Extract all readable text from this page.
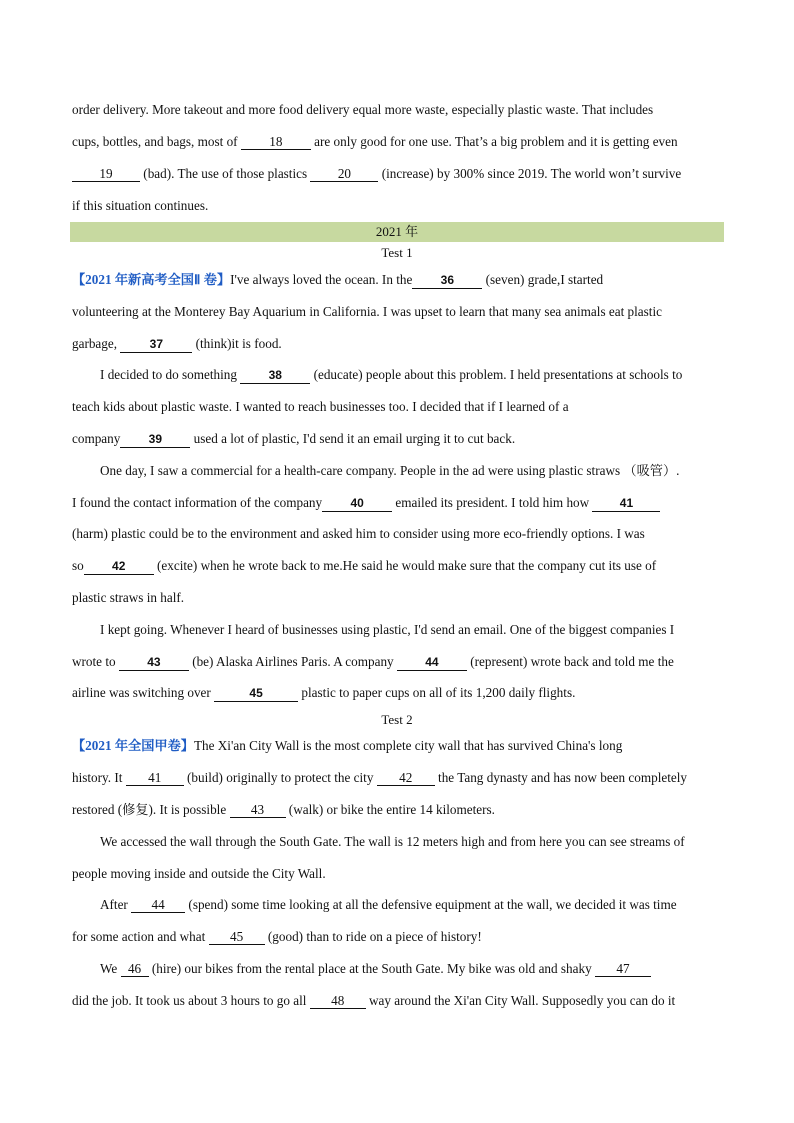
order delivery. More takeout and more food delivery equal more waste, especially plastic waste. That includes
cups, bottles, and bags, most of 18 are only good for one use. That’s a big problem and it is getting even
19 (bad). The use of those plastics 20 (increase) by 300% since 2019. The world won’t survive
if this situation continues.
2021 年
Test 1
【2021 年新高考全国Ⅱ 卷】I've always loved the ocean. In the 36 (seven) grade,I started
volunteering at the Monterey Bay Aquarium in California. I was upset to learn that many sea animals eat plastic
garbage, 37 (think)it is food.
I decided to do something 38 (educate) people about this problem. I held presentations at schools to
teach kids about plastic waste. I wanted to reach businesses too. I decided that if I learned of a
company 39 used a lot of plastic, I'd send it an email urging it to cut back.
One day, I saw a commercial for a health-care company. People in the ad were using plastic straws （吸管）.
I found the contact information of the company 40 emailed its president. I told him how 41
(harm) plastic could be to the environment and asked him to consider using more eco-friendly options. I was
so 42 (excite) when he wrote back to me.He said he would make sure that the company cut its use of
plastic straws in half.
I kept going. Whenever I heard of businesses using plastic, I'd send an email. One of the biggest companies I
wrote to 43 (be) Alaska Airlines Paris. A company 44 (represent) wrote back and told me the
airline was switching over	45	plastic to paper cups on all of its 1,200 daily flights.
Test 2
【2021 年全国甲卷】The Xi'an City Wall is the most complete city wall that has survived China's long
history. It 41 (build) originally to protect the city 42 the Tang dynasty and has now been completely
restored (修复). It is possible 43 (walk) or bike the entire 14 kilometers.
We accessed the wall through the South Gate. The wall is 12 meters high and from here you can see streams of
people moving inside and outside the City Wall.
After 44 (spend) some time looking at all the defensive equipment at the wall, we decided it was time
for some action and what 45 (good) than to ride on a piece of history!
We 46 (hire) our bikes from the rental place at the South Gate. My bike was old and shaky 47
did the job. It took us about 3 hours to go all 48 way around the Xi'an City Wall. Supposedly you can do it
